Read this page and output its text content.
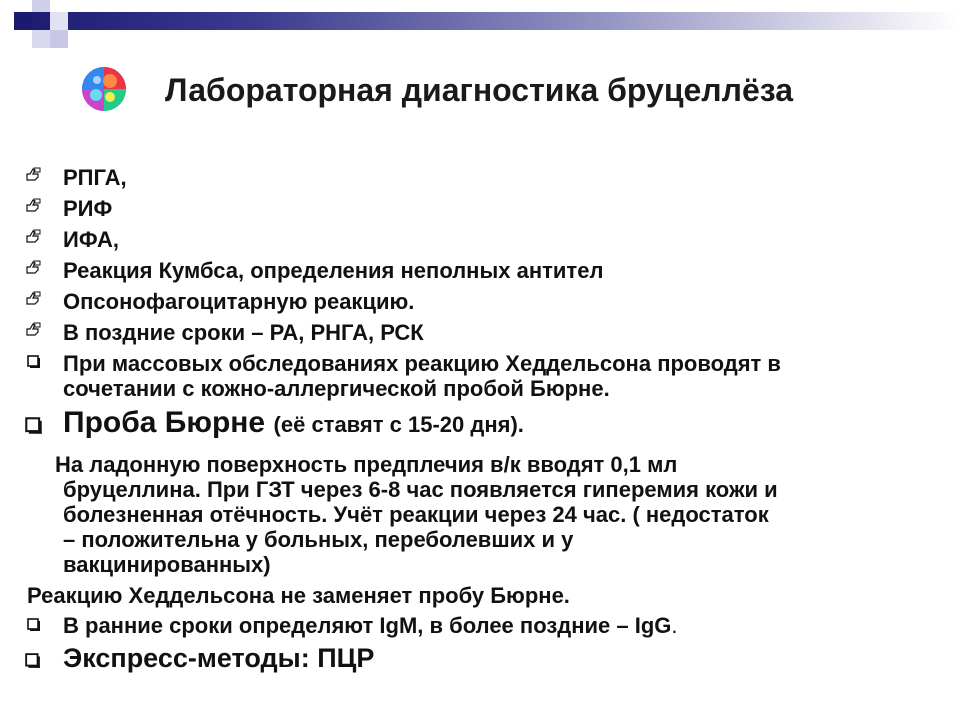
Лабораторная диагностика бруцеллёза
РПГА,
РИФ
ИФА,
Реакция Кумбса, определения неполных антител
Опсонофагоцитарную реакцию.
В поздние сроки – РА, РНГА, РСК
При массовых обследованиях реакцию Хеддельсона проводят в
сочетании с кожно-аллергической пробой Бюрне.
Проба Бюрне (её ставят с 15-20 дня).
На ладонную поверхность предплечия в/к вводят 0,1 мл
бруцеллина. При ГЗТ через 6-8 час появляется гиперемия кожи и
болезненная отёчность. Учёт реакции через 24 час. ( недостаток
– положительна у больных, переболевших и у
вакцинированных)
Реакцию Хеддельсона не заменяет пробу Бюрне.
В ранние сроки определяют IgM, в более поздние – IgG.
Экспресс-методы: ПЦР
